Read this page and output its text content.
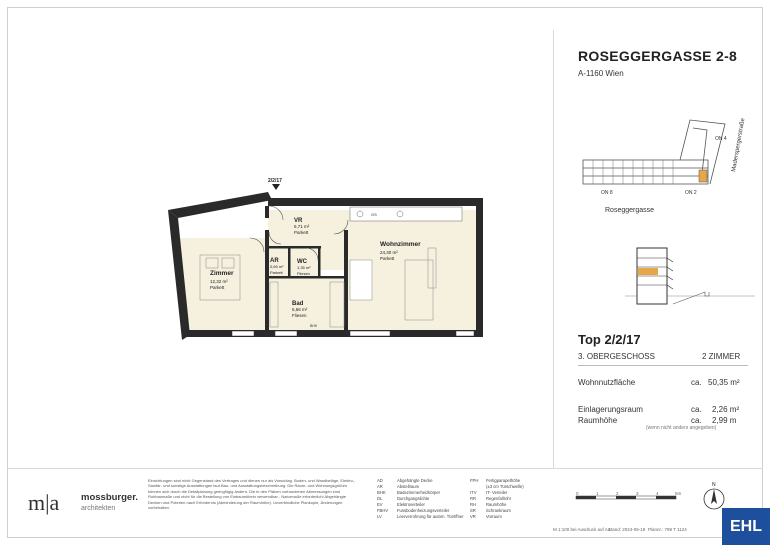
ROSEGGERGASSE 2-8
A-1160 Wien
ON 8	ON 2
ON 4
Roseggergasse
Maderspergerstraße
Top 2/2/17
3. OBERGESCHOSS	2 ZIMMER
Wohnnutzfläche	ca. 50,35 m²
Einlagerungsraum	ca. 2,26 m²
Raumhöhe	ca. 2,99 m
(wenn nicht anders angegeben)
GS
2/2/17
BHK
Zimmer
12,32 m²
Parkett
VR
5,71 m²
Parkett
AR
0,69 m²
Parkett
WC
1,35 m²
Fliesen
Bad
5,66 m²
Fliesen
Wohnzimmer
24,30 m²
Parkett
m|a mossburger.
architekten
Einrichtungen sind nicht Gegenstand des Vertrages und dienen nur als Vorschlag. Boden- und Wandbeläge, Elektro-, Sanitär- und sonstige Ausstattungen laut Bau- und Ausstattungsbeschreibung. Die Raum- und Wohnungsgrößen können sich durch die Detailplanung geringfügig ändern. Die in den Plänen vorhandenen Abmessungen sind Rohbaumaße und nicht für die Bestellung von Einbaumöbeln verwendbar - Naturmaße erforderlich! Abgehängte Decken und Poterien nach Erfordernis (Abminderung der Raumhöhe). Unverbindliche Plankopie, Änderungen vorbehalten.
AD	Abgehängte Decke
AR	Abstellraum
BHK	Badezimmerheizkörper
DL	Durchgangslichte
EV	Elektroverteiler
FBHV Fussbodenheizungsverteiler
LV	Leerverrohrung für autom. Türöffner
FPH Fertigparapethöhe
(±3 cm Türschwelle)
ITV IT- Verteiler
RR Regenfallrohr
RH Raumhöhe
SR Schrankraum
VR Vorraum
0	1	2	3	4	5m
M 1:100 bei Ausdruck auf A4
Stand: 2024-06-19 Plannr.: 799 T 1124
N
EHL
